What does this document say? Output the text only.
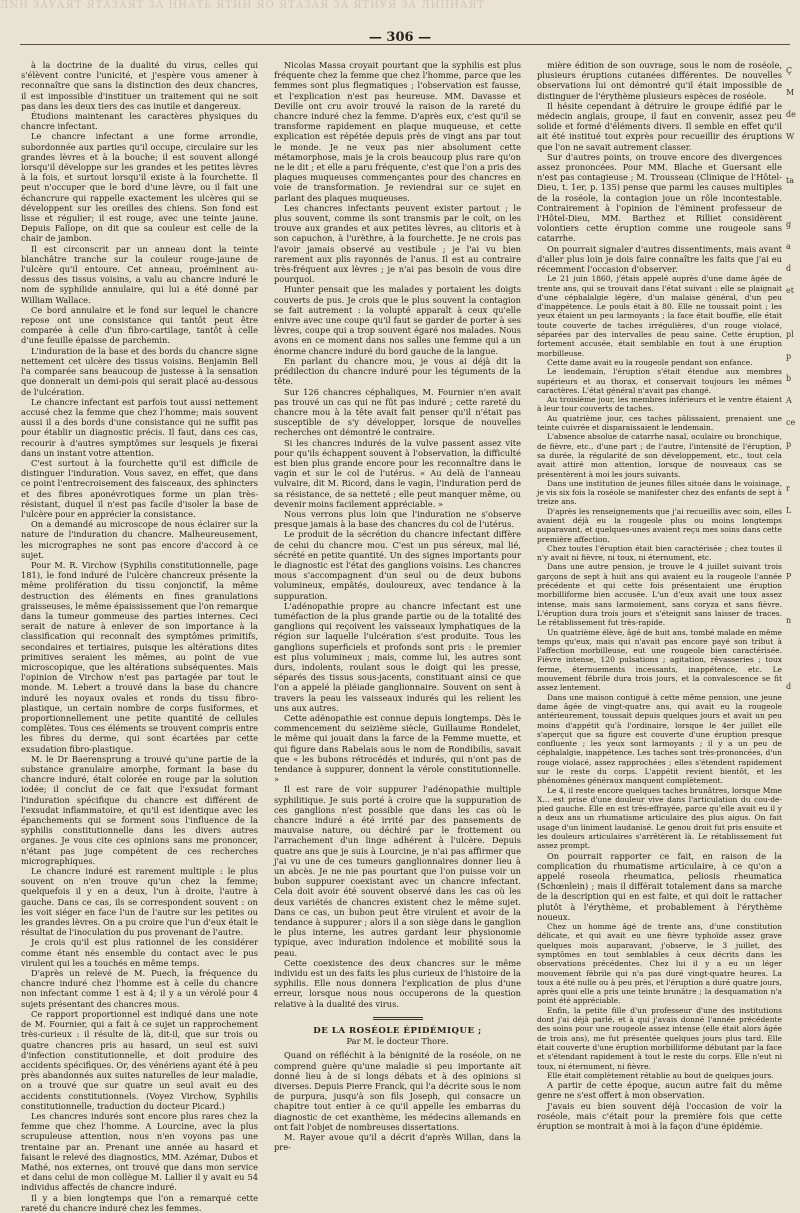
ЛNH ЗАУАЯТ ЯТАЗАЯТ ЗА НИАТЬ ЯТИИ ЯО ЯТАЗАЯ ЗА ЯТИУЯ ЗА ЛИПИАЯТ
— 306 —

à la doctrine de la dualité du virus, celles qui s'élèvent contre l'unicité, et j'espère vous amener à reconnaître que sans la distinction des deux chancres, il est impossible d'instituer un traitement qui ne soit pas dans les deux tiers des cas inutile et dangereux.

Étudions maintenant les caractères physiques du chancre infectant.

Le chancre infectant a une forme arrondie, subordonnée aux parties qu'il occupe, circulaire sur les grandes lèvres et à la bouche; il est souvent allongé lorsqu'il développe sur les grandes et les petites lèvres à la fois, et surtout lorsqu'il existe à la fourchette. Il peut n'occuper que le bord d'une lèvre, ou il fait une échancrure qui rappelle exactement les ulcères qui se développent sur les oreilles des chiens. Son fond est lisse et régulier; il est rouge, avec une teinte jaune. Depuis Fallope, on dit que sa couleur est celle de la chair de jambon.

Il est circonscrit par un anneau dont la teinte blanchâtre tranche sur la couleur rouge-jaune de l'ulcère qu'il entoure. Cet anneau, proéminent au-dessus des tissus voisins, a valu au chancre induré le nom de syphilide annulaire, qui lui a été donné par William Wallace.

Ce bord annulaire et le fond sur lequel le chancre repose ont une consistance qui tantôt peut être comparée à celle d'un fibro-cartilage, tantôt à celle d'une feuille épaisse de parchemin.

L'induration de la base et des bords du chancre signe nettement cet ulcère des tissus voisins. Benjamin Bell l'a comparée sans beaucoup de justesse à la sensation que donnerait un demi-pois qui serait placé au-dessous de l'ulcération.

Le chancre infectant est parfois tout aussi nettement accusé chez la femme que chez l'homme; mais souvent aussi il a des bords d'une consistance qui ne suffit pas pour établir un diagnostic précis. Il faut, dans ces cas, recourir à d'autres symptômes sur lesquels je fixerai dans un instant votre attention.

C'est surtout à la fourchette qu'il est difficile de distinguer l'induration. Vous savez, en effet, que dans ce point l'entrecroisement des faisceaux, des sphincters et des fibres aponévrotiques forme un plan très-résistant, duquel il n'est pas facile d'isoler la base de l'ulcère pour en apprécier la consistance.

On a demandé au microscope de nous éclairer sur la nature de l'induration du chancre. Malheureusement, les micrographes ne sont pas encore d'accord à ce sujet.

Pour M. R. Virchow (Syphilis constitutionnelle, page 181), le fond induré de l'ulcère chancreux présente la même prolifération du tissu conjonctif, la même destruction des éléments en fines granulations graisseuses, le même épaississement que l'on remarque dans la tumeur gommeuse des parties internes. Ceci serait de nature à enlever de son importance à la classification qui reconnaît des symptômes primitifs, secondaires et tertiaires, puisque les altérations dites primitives seraient les mêmes, au point de vue microscopique, que les altérations subséquentes. Mais l'opinion de Virchow n'est pas partagée par tout le monde. M. Lebert a trouvé dans la base du chancre induré les noyaux ovales et ronds du tissu fibro-plastique, un certain nombre de corps fusiformes, et proportionnellement une petite quantité de cellules complètes. Tous ces éléments se trouvent compris entre les fibres du derme, qui sont écartées par cette exsudation fibro-plastique.

M. le Dr Baerensprung a trouvé qu'une partie de la substance granulaire amorphe, formant la base du chancre induré, était colorée en rouge par la solution iodée; il conclut de ce fait que l'exsudat formant l'induration spécifique du chancre est différent de l'exsudat inflammatoire, et qu'il est identique avec les épanchements qui se forment sous l'influence de la syphilis constitutionnelle dans les divers autres organes. Je vous cite ces opinions sans me prononcer, n'étant pas juge compétent de ces recherches micrographiques.

Le chancre induré est rarement multiple : le plus souvent on n'en trouve qu'un chez la femme; quelquefois il y en a deux, l'un à droite, l'autre à gauche. Dans ce cas, ils se correspondent souvent : on les voit siéger en face l'un de l'autre sur les petites ou les grandes lèvres. On a pu croire que l'un d'eux était le résultat de l'inoculation du pus provenant de l'autre.

Je crois qu'il est plus rationnel de les considérer comme étant nés ensemble du contact avec le pus virulent qui les a touchés en même temps.

D'après un relevé de M. Puech, la fréquence du chancre induré chez l'homme est à celle du chancre non infectant comme 1 est à 4; il y a un vérolé pour 4 sujets présentant des chancres mous.

Ce rapport proportionnel est indiqué dans une note de M. Fournier, qui a fait à ce sujet un rapprochement très-curieux : il résulte de là, dit-il, que sur trois ou quatre chancres pris au hasard, un seul est suivi d'infection constitutionnelle, et doit produire des accidents spécifiques. Or, des vénériens ayant été à peu près abandonnés aux suites naturelles de leur maladie, on a trouvé que sur quatre un seul avait eu des accidents constitutionnels. (Voyez Virchow, Syphilis constitutionnelle, traduction du docteur Picard.)

Les chancres indurés sont encore plus rares chez la femme que chez l'homme. A Lourcine, avec la plus scrupuleuse attention, nous n'en voyons pas une trentaine par an. Prenant une année au hasard et faisant le relevé des diagnostics, MM. Azémar, Dubos et Mathé, nos externes, ont trouvé que dans mon service et dans celui de mon collègue M. Lallier il y avait eu 54 individus affectés de chancre induré.

Il y a bien longtemps que l'on a remarqué cette rareté du chancre induré chez les femmes.

Nicolas Massa croyait pourtant que la syphilis est plus fréquente chez la femme que chez l'homme, parce que les femmes sont plus flegmatiques ; l'observation est fausse, et l'explication n'est pas heureuse. MM. Davasse et Deville ont cru avoir trouvé la raison de la rareté du chancre induré chez la femme. D'après eux, c'est qu'il se transforme rapidement en plaque muqueuse, et cette explication est répétée depuis près de vingt ans par tout le monde. Je ne veux pas nier absolument cette métamorphose, mais je la crois beaucoup plus rare qu'on ne le dit ; et elle a paru fréquente, c'est que l'on a pris des plaques muqueuses commençantes pour des chancres en voie de transformation. Je reviendrai sur ce sujet en parlant des plaques muqueuses.

Les chancres infectants peuvent exister partout ; le plus souvent, comme ils sont transmis par le coït, on les trouve aux grandes et aux petites lèvres, au clitoris et à son capuchon, à l'urèthre, à la fourchette. Je ne crois pas l'avoir jamais observé au vestibule ; je l'ai vu bien rarement aux plis rayonnés de l'anus. Il est au contraire très-fréquent aux lèvres ; je n'ai pas besoin de vous dire pourquoi.

Hunter pensait que les malades y portaient les doigts couverts de pus. Je crois que le plus souvent la contagion se fait autrement : la volupté apparaît à ceux qu'elle enivre avec une coupe qu'il faut se garder de porter à ses lèvres, coupe qui a trop souvent égaré nos malades. Nous avons en ce moment dans nos salles une femme qui a un énorme chancre induré du bord gauche de la langue.

En parlant du chancre mou, je vous ai déjà dit la prédilection du chancre induré pour les téguments de la tête.

Sur 126 chancres céphaliques, M. Fournier n'en avait pas trouvé un cas qui ne fût pas induré ; cette rareté du chancre mou à la tête avait fait penser qu'il n'était pas susceptible de s'y développer, lorsque de nouvelles recherches ont démontré le contraire.

Si les chancres indurés de la vulve passent assez vite pour qu'ils échappent souvent à l'observation, la difficulté est bien plus grande encore pour les reconnaître dans le vagin et sur le col de l'utérus. « Au delà de l'anneau vulvaire, dit M. Ricord, dans le vagin, l'induration perd de sa résistance, de sa netteté ; elle peut manquer même, ou devenir moins facilement appréciable. »

Nous verrons plus loin que l'induration ne s'observe presque jamais à la base des chancres du col de l'utérus.

Le produit de la sécrétion du chancre infectant diffère de celui du chancre mou. C'est un pus séreux, mal lié, sécrété en petite quantité. Un des signes importants pour le diagnostic est l'état des ganglions voisins. Les chancres mous s'accompagnent d'un seul ou de deux bubons volumineux, empâtés, douloureux, avec tendance à la suppuration.

L'adénopathie propre au chancre infectant est une tuméfaction de la plus grande partie ou de la totalité des ganglions qui reçoivent les vaisseaux lymphatiques de la région sur laquelle l'ulcération s'est produite. Tous les ganglions superficiels et profonds sont pris : le premier est plus volumineux ; mais, comme lui, les autres sont durs, indolents, roulant sous le doigt qui les presse, séparés des tissus sous-jacents, constituant ainsi ce que l'on a appelé la pléiade ganglionnaire. Souvent on sent à travers la peau les vaisseaux indurés qui les relient les uns aux autres.

Cette adénopathie est connue depuis longtemps. Dès le commencement du seizième siècle, Guillaume Rondelet, le même qui jouait dans la farce de la Femme muette, et qui figure dans Rabelais sous le nom de Rondibilis, savait que « les bubons rétrocédés et indurés, qui n'ont pas de tendance à suppurer, donnent la vérole constitutionnelle. »

Il est rare de voir suppurer l'adénopathie multiple syphilitique. Je suis porté à croire que la suppuration de ces ganglions n'est possible que dans les cas où le chancre induré a été irrité par des pansements de mauvaise nature, ou déchiré par le frottement ou l'arrachement d'un linge adhérent à l'ulcère. Depuis quatre ans que je suis à Lourcine, je n'ai pas affirmer que j'ai vu une de ces tumeurs ganglionnaires donner lieu à un abcès. Je ne nie pas pourtant que l'on puisse voir un bubon suppurer coexistant avec un chancre infectant. Cela doit avoir été souvent observé dans les cas où les deux variétés de chancres existent chez le même sujet. Dans ce cas, un bubon peut être virulent et avoir de la tendance à suppurer ; alors il a son siège dans le ganglion le plus interne, les autres gardant leur physionomie typique, avec induration indolence et mobilité sous la peau.

Cette coexistence des deux chancres sur le même individu est un des faits les plus curieux de l'histoire de la syphilis. Elle nous donnera l'explication de plus d'une erreur, lorsque nous nous occuperons de la question relative à la dualité des virus.

DE LA ROSÉOLE ÉPIDÉMIQUE ;

Par M. le docteur Thore.

Quand on réfléchit à la bénignité de la roséole, on ne comprend guère qu'une maladie si peu importante ait donné lieu à de si longs débats et à des opinions si diverses. Depuis Pierre Franck, qui l'a décrite sous le nom de purpura, jusqu'à son fils Joseph, qui consacre un chapitre tout entier à ce qu'il appelle les embarras du diagnostic de cet exanthème, les médecins allemands en ont fait l'objet de nombreuses dissertations.

M. Rayer avoue qu'il a décrit d'après Willan, dans la pre-

mière édition de son ouvrage, sous le nom de roséole, plusieurs éruptions cutanées différentes. De nouvelles observations lui ont démontré qu'il était impossible de distinguer de l'érythème plusieurs espèces de roséole.

Il hésite cependant à détruire le groupe édifié par le médecin anglais, groupe, il faut en convenir, assez peu solide et formé d'éléments divers. Il semble en effet qu'il ait été institué tout exprès pour recueillir des éruptions que l'on ne savait autrement classer.

Sur d'autres points, on trouve encore des divergences assez prononcées. Pour MM. Blache et Guersant elle n'est pas contagieuse ; M. Trousseau (Clinique de l'Hôtel-Dieu, t. 1er, p. 135) pense que parmi les causes multiples de la roséole, la contagion joue un rôle incontestable. Contrairement à l'opinion de l'éminent professeur de l'Hôtel-Dieu, MM. Barthez et Rilliet considèrent volontiers cette éruption comme une rougeole sans catarrhe.

On pourrait signaler d'autres dissentiments, mais avant d'aller plus loin je dois faire connaître les faits que j'ai eu récemment l'occasion d'observer.

Le 21 juin 1860, j'étais appelé auprès d'une dame âgée de trente ans, qui se trouvait dans l'état suivant : elle se plaignait d'une céphalalgie légère, d'un malaise général, d'un peu d'inappétence. Le pouls était à 80. Elle ne toussait point ; les yeux étaient un peu larmoyants ; la face était bouffie, elle était toute couverte de taches irrégulières, d'un rouge violacé, séparées par des intervalles de peau saine. Cette éruption, fortement accusée, était semblable en tout à une éruption morbilleuse.

Cette dame avait eu la rougeole pendant son enfance.

Le lendemain, l'éruption s'était étendue aux membres supérieurs et au thorax, et conservait toujours les mêmes caractères. L'état général n'avait pas changé.

Au troisième jour, les membres inférieurs et le ventre étaient à leur tour couverts de taches.

Au quatrième jour, ces taches pâlissaient, prenaient une teinte cuivrée et disparaissaient le lendemain.

L'absence absolue de catarrhe nasal, oculaire ou bronchique, de fièvre, etc., d'une part ; de l'autre, l'intensité de l'éruption, sa durée, la régularité de son développement, etc., tout cela avait attiré mon attention, lorsque de nouveaux cas se présentèrent à moi les jours suivants.

Dans une institution de jeunes filles située dans le voisinage, je vis six fois la roséole se manifester chez des enfants de sept à treize ans.

D'après les renseignements que j'ai recueillis avec soin, elles avaient déjà eu la rougeole plus ou moins longtemps auparavant, et quelques-unes avaient reçu mes soins dans cette première affection.

Chez toutes l'éruption était bien caractérisée ; chez toutes il n'y avait ni fièvre, ni toux, ni éternument, etc.

Dans une autre pension, je trouve le 4 juillet suivant trois garçons de sept à huit ans qui avaient eu la rougeole l'année précédente et qui cette fois présentaient une éruption morbilliforme bien accusée. L'un d'eux avait une toux assez intense, mais sans larmoiement, sans coryza et sans fièvre. L'éruption dura trois jours et s'éteignit sans laisser de traces. Le rétablissement fut très-rapide.

Un quatrième élève, âgé de huit ans, tombé malade en même temps qu'eux, mais qui n'avait pas encore payé son tribut à l'affection morbilleuse, eut une rougeole bien caractérisée. Fièvre intense, 120 pulsations ; agitation, rêvasseries ; toux ferme, éternuements incessants, inappétence, etc. Le mouvement fébrile dura trois jours, et la convalescence se fit assez lentement.

Dans une maison contiguë à cette même pension, une jeune dame âgée de vingt-quatre ans, qui avait eu la rougeole antérieurement, toussait depuis quelques jours et avait un peu moins d'appétit qu'à l'ordinaire, lorsque le 4er juillet elle s'aperçut que sa figure est couverte d'une éruption presque confluente ; les yeux sont larmoyants ; il y a un peu de céphalalgie, inappétence. Les taches sont très-prononcées, d'un rouge violacé, assez rapprochées ; elles s'étendent rapidement sur le reste du corps. L'appétit revient bientôt, et les phénomènes généraux manquent complètement.

Le 4, il reste encore quelques taches brunâtres, lorsque Mme X... est prise d'une douleur vive dans l'articulation du cou-de-pied gauche. Elle en est très-effrayée, parce qu'elle avait eu il y a deux ans un rhumatisme articulaire des plus aigus. On fait usage d'un liniment laudanisé. Le genou droit fut pris ensuite et les douleurs articulaires s'arrêtèrent là. Le rétablissement fut assez prompt.

On pourrait rapporter ce fait, en raison de la complication du rhumatisme articulaire, à ce qu'on a appelé roseola rheumatica, peliosis rheumatica (Schœnlein) ; mais il différait totalement dans sa marche de la description qui en est faite, et qui doit le rattacher plutôt à l'érythème, et probablement à l'érythème noueux.

Chez un homme âgé de trente ans, d'une constitution délicate, et qui avait eu une fièvre typhoïde assez grave quelques mois auparavant, j'observe, le 3 juillet, des symptômes en tout semblables à ceux décrits dans les observations précédentes. Chez lui il y a eu un léger mouvement fébrile qui n'a pas duré vingt-quatre heures. La toux a été nulle ou à peu près, et l'éruption a duré quatre jours, après quoi elle a pris une teinte brunâtre ; la desquamation n'a point été appréciable.

Enfin, la petite fille d'un professeur d'une des institutions dont j'ai déjà parlé, et à qui j'avais donné l'année précédente des soins pour une rougeole assez intense (elle était alors âgée de trois ans), me fut présentée quelques jours plus tard. Elle était couverte d'une éruption morbilliforme débutant par la face et s'étendant rapidement à tout le reste du corps. Elle n'eut ni toux, ni éternument, ni fièvre.

Elle était complètement rétablie au bout de quelques jours.

A partir de cette époque, aucun autre fait du même genre ne s'est offert à mon observation.

J'avais eu bien souvent déjà l'occasion de voir la roséole, mais c'était pour la première fois que cette éruption se montrait à moi à la façon d'une épidémie.

Ç
M
de
W
ta
g
a
d
et
pl
p
b
A
ce
p
r
L
P
n
d
